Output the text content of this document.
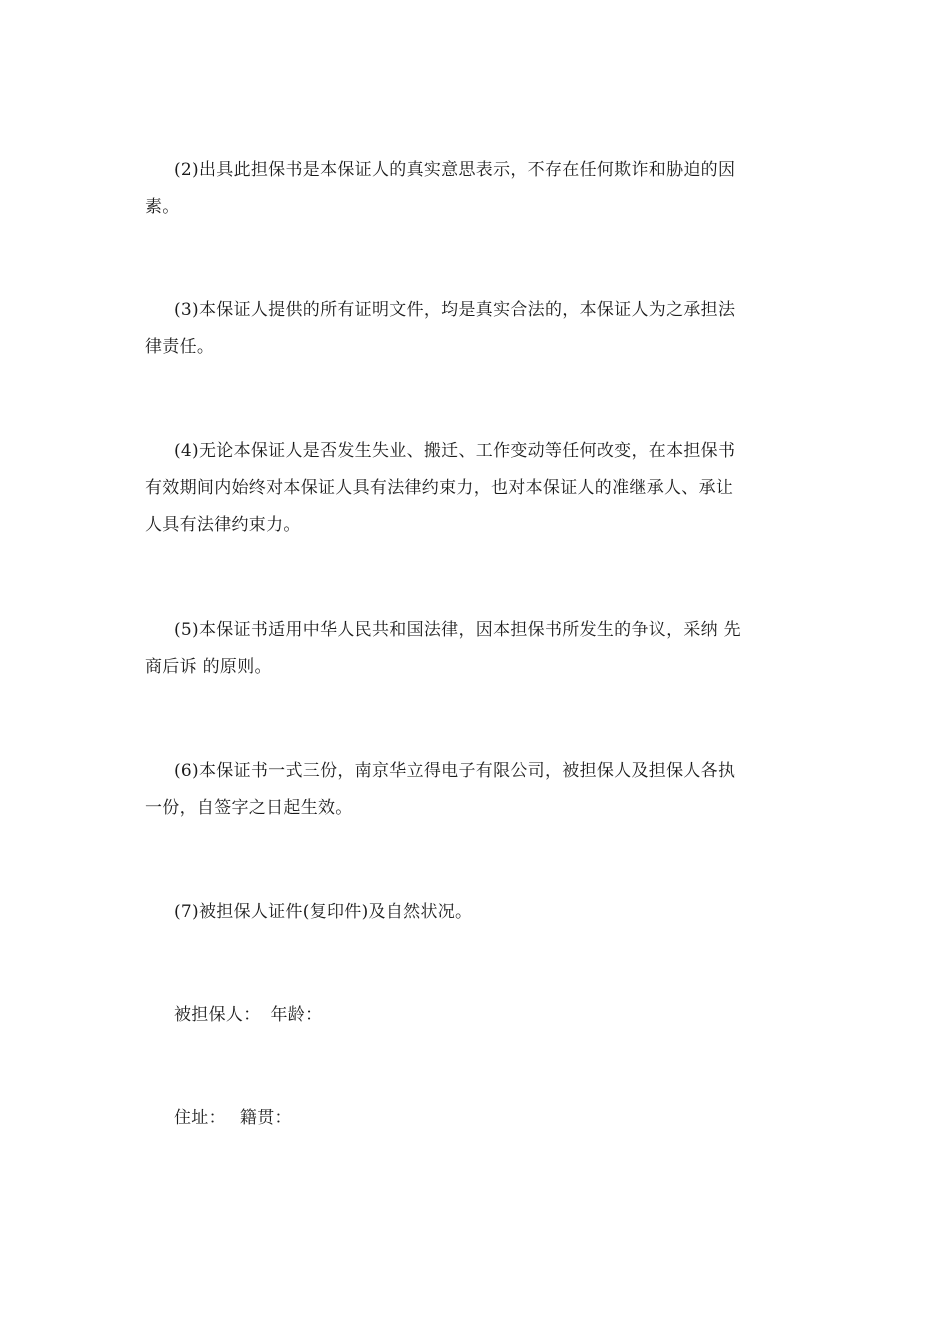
(2)出具此担保书是本保证人的真实意思表示，不存在任何欺诈和胁迫的因
素。

(3)本保证人提供的所有证明文件，均是真实合法的，本保证人为之承担法
律责任。

(4)无论本保证人是否发生失业、搬迁、工作变动等任何改变，在本担保书
有效期间内始终对本保证人具有法律约束力，也对本保证人的准继承人、承让
人具有法律约束力。

(5)本保证书适用中华人民共和国法律，因本担保书所发生的争议，采纳 先
商后诉 的原则。

(6)本保证书一式三份，南京华立得电子有限公司，被担保人及担保人各执
一份，自签字之日起生效。

(7)被担保人证件(复印件)及自然状况。

被担保人： 年龄：

住址： 籍贯：
